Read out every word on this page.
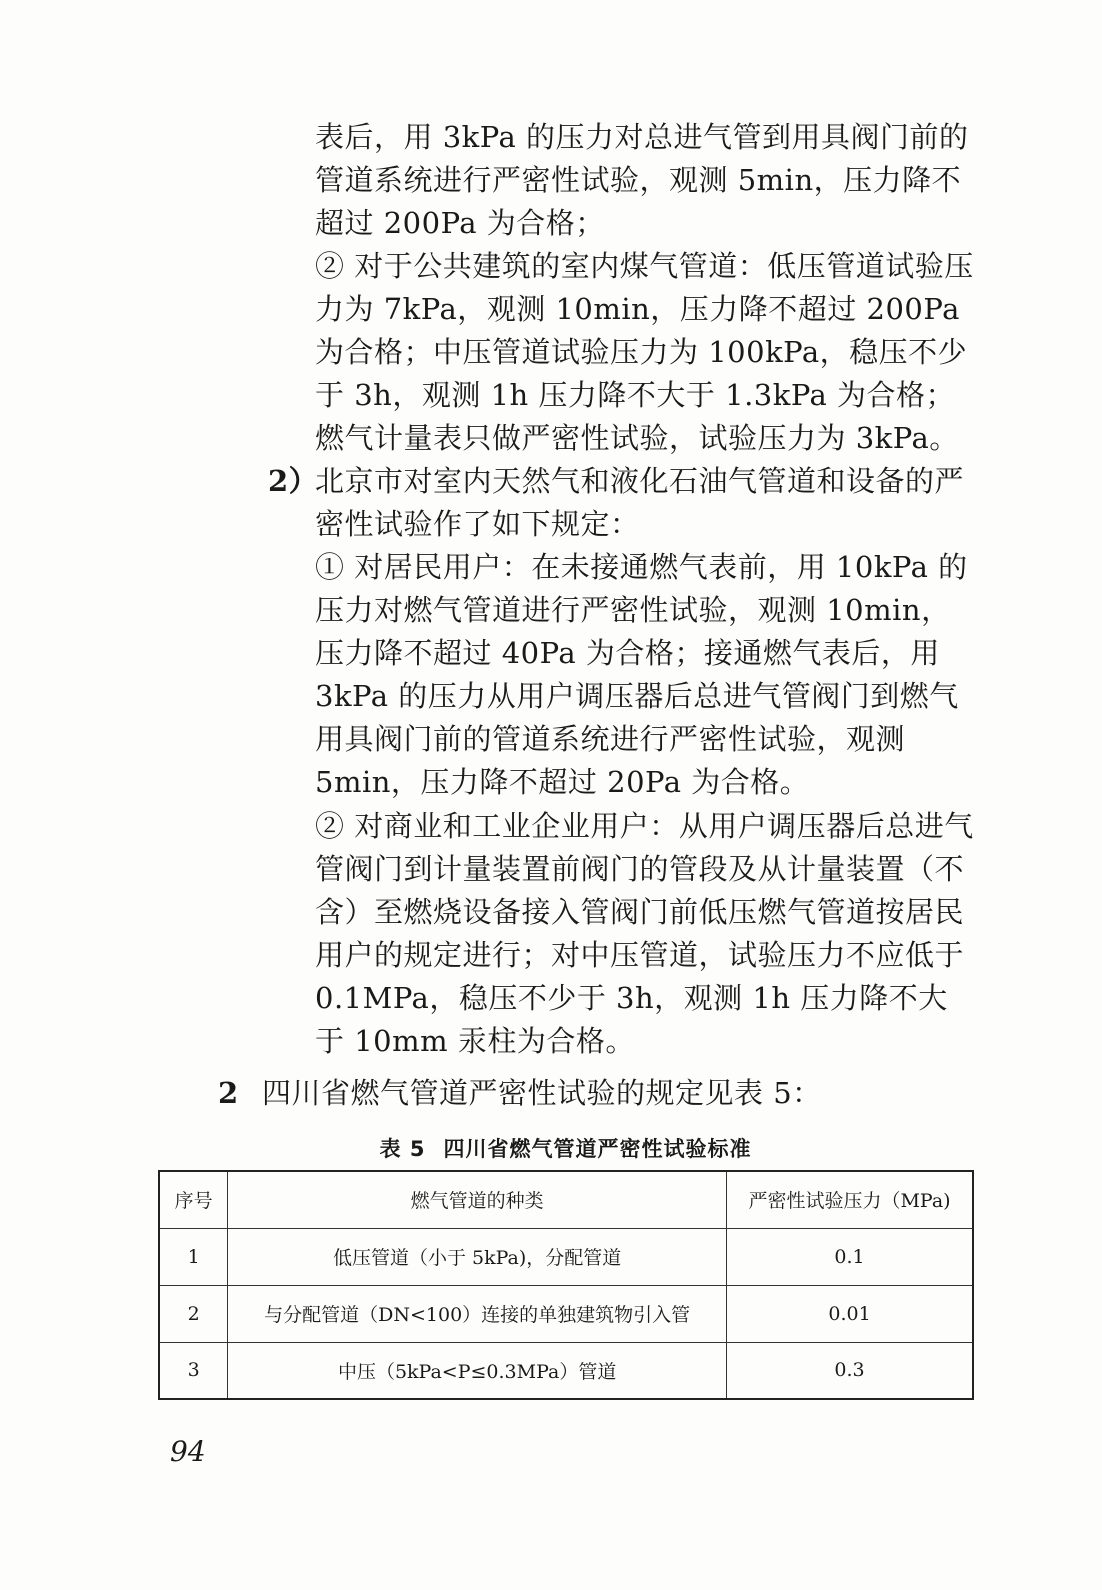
表后，用 3kPa 的压力对总进气管到用具阀门前的管道系统进行严密性试验，观测 5min，压力降不超过 200Pa 为合格；

② 对于公共建筑的室内煤气管道：低压管道试验压力为 7kPa，观测 10min，压力降不超过 200Pa 为合格；中压管道试验压力为 100kPa，稳压不少于 3h，观测 1h 压力降不大于 1.3kPa 为合格；燃气计量表只做严密性试验，试验压力为 3kPa。

2）
北京市对室内天然气和液化石油气管道和设备的严密性试验作了如下规定：

① 对居民用户：在未接通燃气表前，用 10kPa 的压力对燃气管道进行严密性试验，观测 10min，压力降不超过 40Pa 为合格；接通燃气表后，用 3kPa 的压力从用户调压器后总进气管阀门到燃气用具阀门前的管道系统进行严密性试验，观测 5min，压力降不超过 20Pa 为合格。

② 对商业和工业企业用户：从用户调压器后总进气管阀门到计量装置前阀门的管段及从计量装置（不含）至燃烧设备接入管阀门前低压燃气管道按居民用户的规定进行；对中压管道，试验压力不应低于 0.1MPa，稳压不少于 3h，观测 1h 压力降不大于 10mm 汞柱为合格。

2 四川省燃气管道严密性试验的规定见表 5：
表 5 四川省燃气管道严密性试验标准
序号	燃气管道的种类	严密性试验压力（MPa)
1	低压管道（小于 5kPa)，分配管道	0.1
2	与分配管道（DN<100）连接的单独建筑物引入管	0.01
3	中压（5kPa<P≤0.3MPa）管道	0.3
94
